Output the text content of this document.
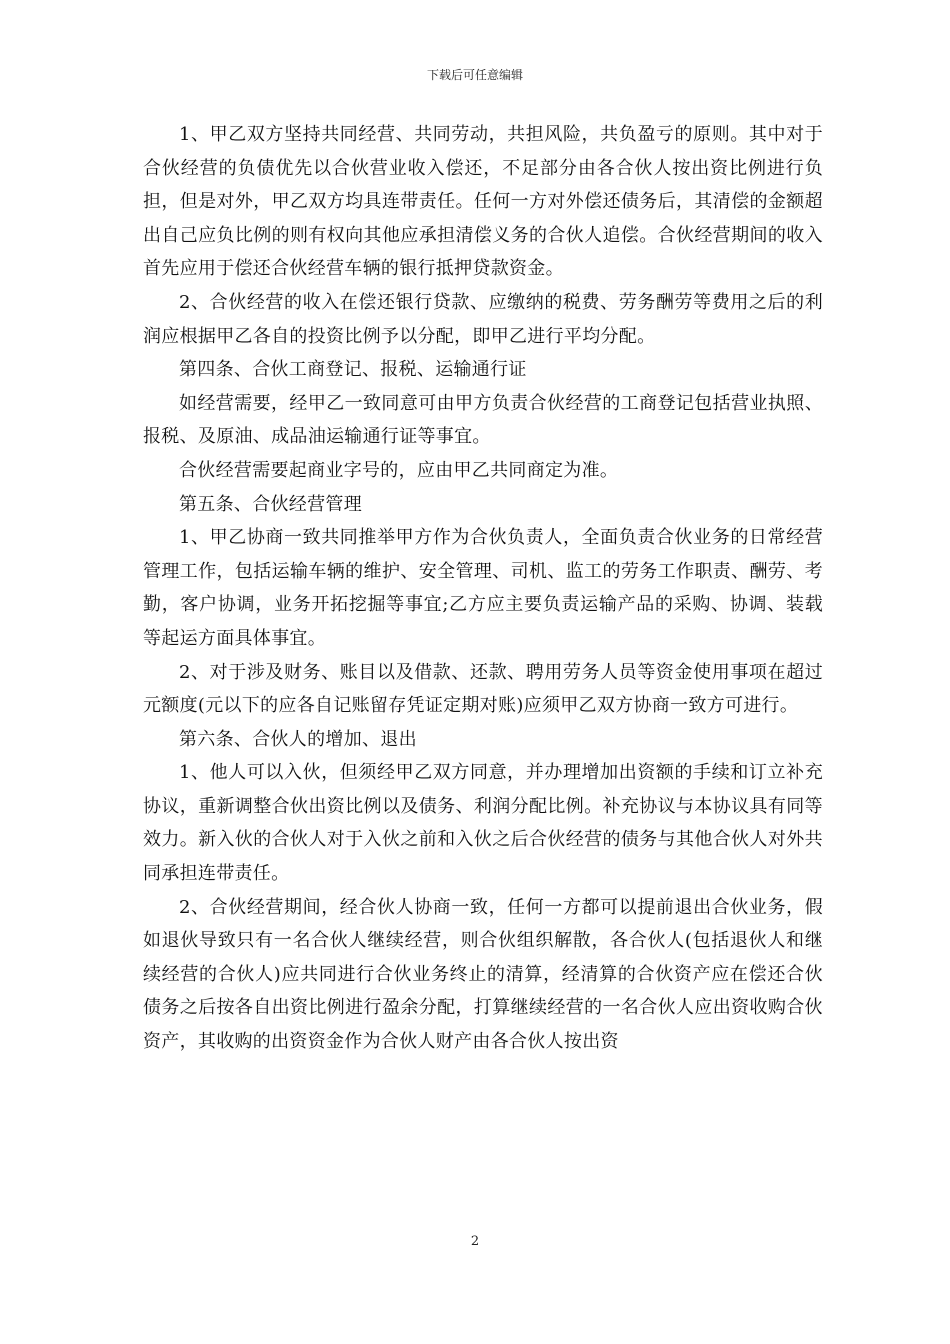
下载后可任意编辑

1、甲乙双方坚持共同经营、共同劳动，共担风险，共负盈亏的原则。其中对于合伙经营的负债优先以合伙营业收入偿还，不足部分由各合伙人按出资比例进行负担，但是对外，甲乙双方均具连带责任。任何一方对外偿还债务后，其清偿的金额超出自己应负比例的则有权向其他应承担清偿义务的合伙人追偿。合伙经营期间的收入首先应用于偿还合伙经营车辆的银行抵押贷款资金。

2、合伙经营的收入在偿还银行贷款、应缴纳的税费、劳务酬劳等费用之后的利润应根据甲乙各自的投资比例予以分配，即甲乙进行平均分配。

第四条、合伙工商登记、报税、运输通行证

如经营需要，经甲乙一致同意可由甲方负责合伙经营的工商登记包括营业执照、报税、及原油、成品油运输通行证等事宜。

合伙经营需要起商业字号的，应由甲乙共同商定为准。

第五条、合伙经营管理

1、甲乙协商一致共同推举甲方作为合伙负责人，全面负责合伙业务的日常经营管理工作，包括运输车辆的维护、安全管理、司机、监工的劳务工作职责、酬劳、考勤，客户协调，业务开拓挖掘等事宜;乙方应主要负责运输产品的采购、协调、装载等起运方面具体事宜。

2、对于涉及财务、账目以及借款、还款、聘用劳务人员等资金使用事项在超过元额度(元以下的应各自记账留存凭证定期对账)应须甲乙双方协商一致方可进行。

第六条、合伙人的增加、退出

1、他人可以入伙，但须经甲乙双方同意，并办理增加出资额的手续和订立补充协议，重新调整合伙出资比例以及债务、利润分配比例。补充协议与本协议具有同等效力。新入伙的合伙人对于入伙之前和入伙之后合伙经营的债务与其他合伙人对外共同承担连带责任。

2、合伙经营期间，经合伙人协商一致，任何一方都可以提前退出合伙业务，假如退伙导致只有一名合伙人继续经营，则合伙组织解散，各合伙人(包括退伙人和继续经营的合伙人)应共同进行合伙业务终止的清算，经清算的合伙资产应在偿还合伙债务之后按各自出资比例进行盈余分配，打算继续经营的一名合伙人应出资收购合伙资产，其收购的出资资金作为合伙人财产由各合伙人按出资

2
